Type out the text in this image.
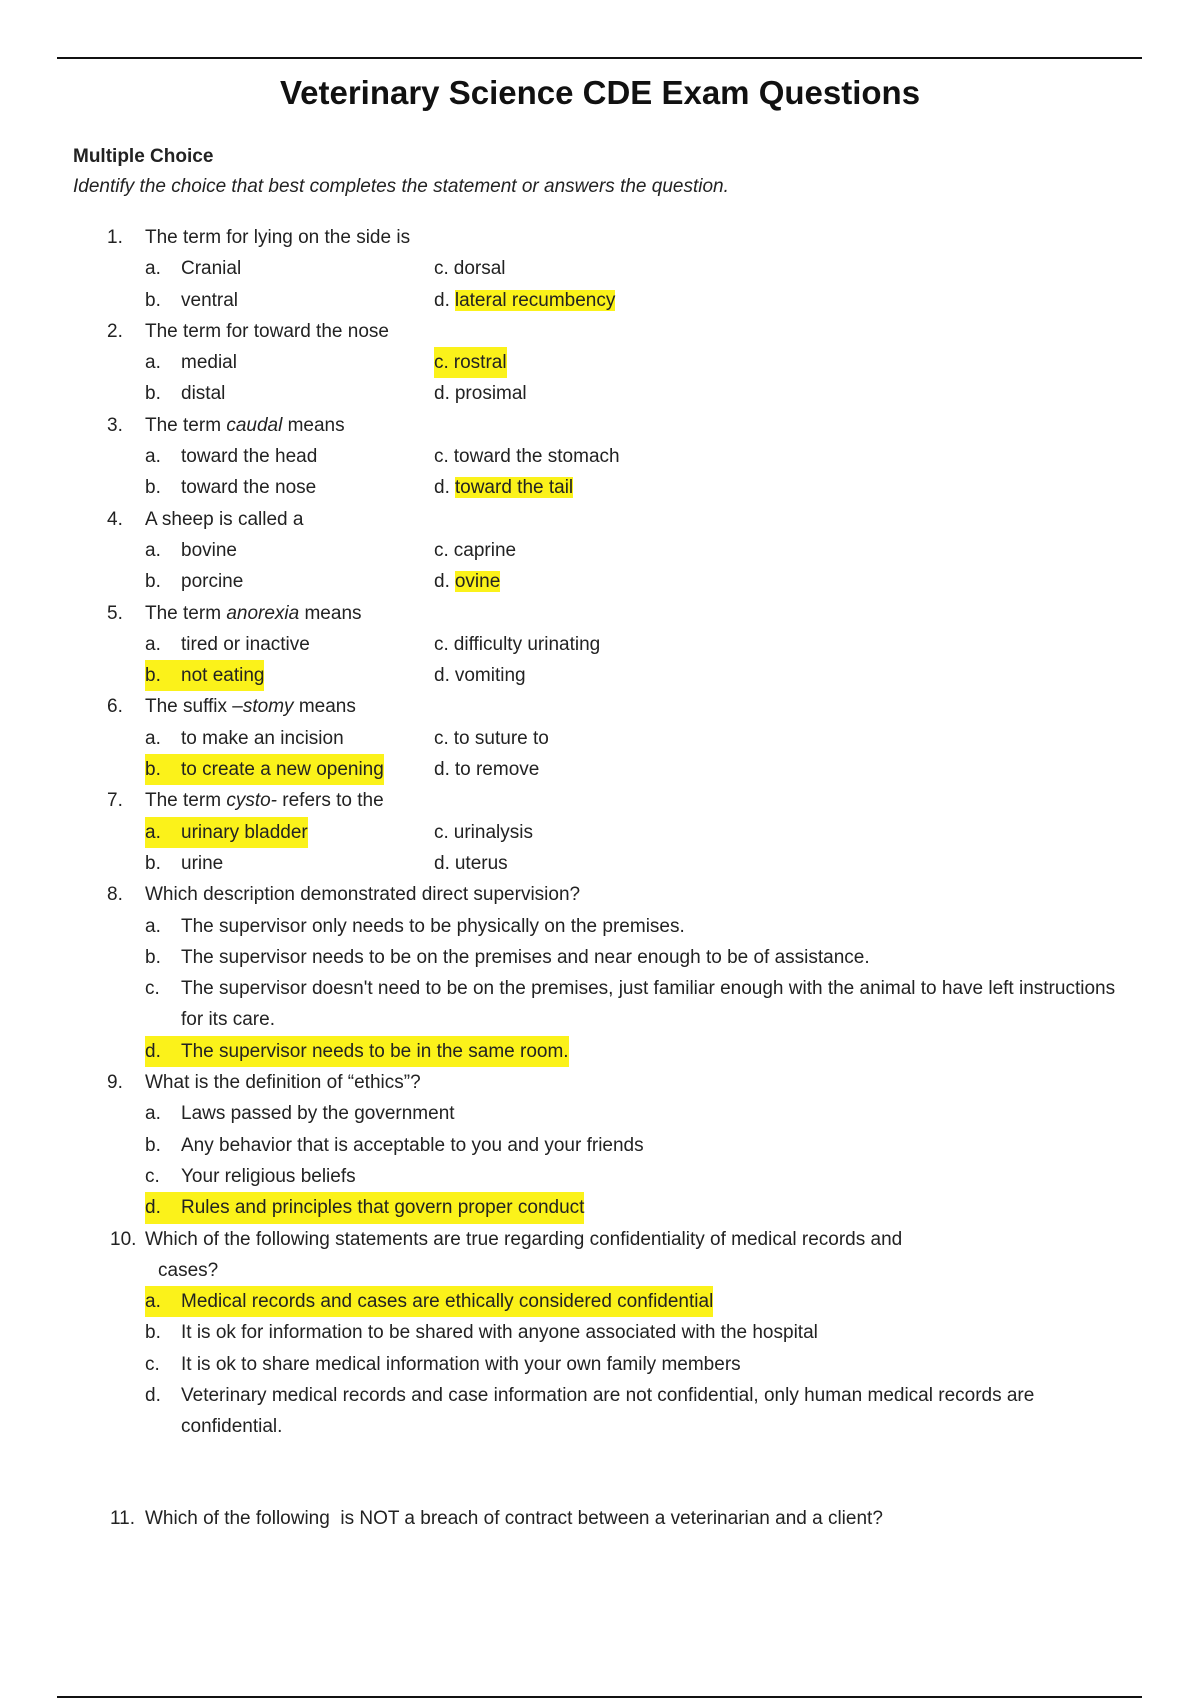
Veterinary Science CDE Exam Questions
Multiple Choice
Identify the choice that best completes the statement or answers the question.
1. The term for lying on the side is
a. Cranial	c. dorsal
b. ventral	d. lateral recumbency
2. The term for toward the nose
a. medial	c. rostral
b. distal	d. prosimal
3. The term caudal means
a. toward the head	c. toward the stomach
b. toward the nose	d. toward the tail
4. A sheep is called a
a. bovine	c. caprine
b. porcine	d. ovine
5. The term anorexia means
a. tired or inactive	c. difficulty urinating
b. not eating	d. vomiting
6. The suffix –stomy means
a. to make an incision	c. to suture to
b. to create a new opening	d. to remove
7. The term cysto- refers to the
a. urinary bladder	c. urinalysis
b. urine	d. uterus
8. Which description demonstrated direct supervision?
a.	The supervisor only needs to be physically on the premises.
b.	The supervisor needs to be on the premises and near enough to be of assistance.
c.	The supervisor doesn't need to be on the premises, just familiar enough with the animal to have left instructions for its care.
d. The supervisor needs to be in the same room.
9. What is the definition of “ethics”?
a. Laws passed by the government
b. Any behavior that is acceptable to you and your friends
c. Your religious beliefs
d. Rules and principles that govern proper conduct
10. Which of the following statements are true regarding confidentiality of medical records and
cases?
a. Medical records and cases are ethically considered confidential
b. It is ok for information to be shared with anyone associated with the hospital
c. It is ok to share medical information with your own family members
d.	Veterinary medical records and case information are not confidential, only human medical records are confidential.
11. Which of the following  is NOT a breach of contract between a veterinarian and a client?
